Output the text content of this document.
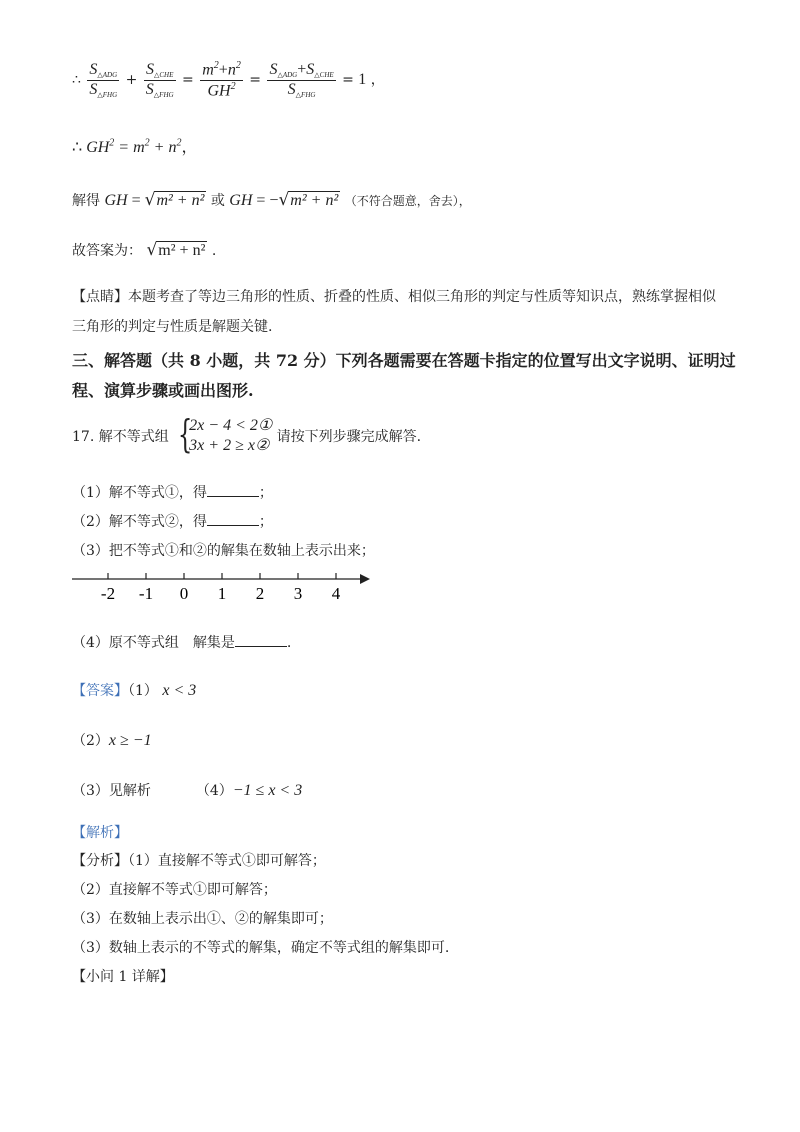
∴ $\frac{S_{\triangle ADG}}{S_{\triangle FHG}} + \frac{S_{\triangle CHE}}{S_{\triangle FHG}} = \frac{m^2+n^2}{GH^2} = \frac{S_{\triangle ADG}+S_{\triangle CHE}}{S_{\triangle FHG}} = 1$ ，
∴ $GH^2 = m^2 + n^2$，
解得 GH = √m² + n² 或 GH = −√m² + n² （不符合题意，舍去），
故答案为： √m² + n² .
【点睛】本题考查了等边三角形的性质、折叠的性质、相似三角形的判定与性质等知识点，熟练掌握相似
三角形的判定与性质是解题关键.
三、解答题（共 8 小题，共 72 分）下列各题需要在答题卡指定的位置写出文字说明、证明过
程、演算步骤或画出图形.
17. 解不等式组 {
2x − 4 < 2①
3x + 2 ≥ x② 请按下列步骤完成解答.
（1）解不等式①，得	；
（2）解不等式②，得	；
（3）把不等式①和②的解集在数轴上表示出来；
-2 -1 0 1 2 3 4
（4）原不等式组　解集是	.
【答案】（1） x < 3
（2）x ≥ −1
（3）见解析	（4）−1 ≤ x < 3
【解析】
【分析】（1）直接解不等式①即可解答；
（2）直接解不等式①即可解答；
（3）在数轴上表示出①、②的解集即可；
（3）数轴上表示的不等式的解集，确定不等式组的解集即可.
【小问 1 详解】
